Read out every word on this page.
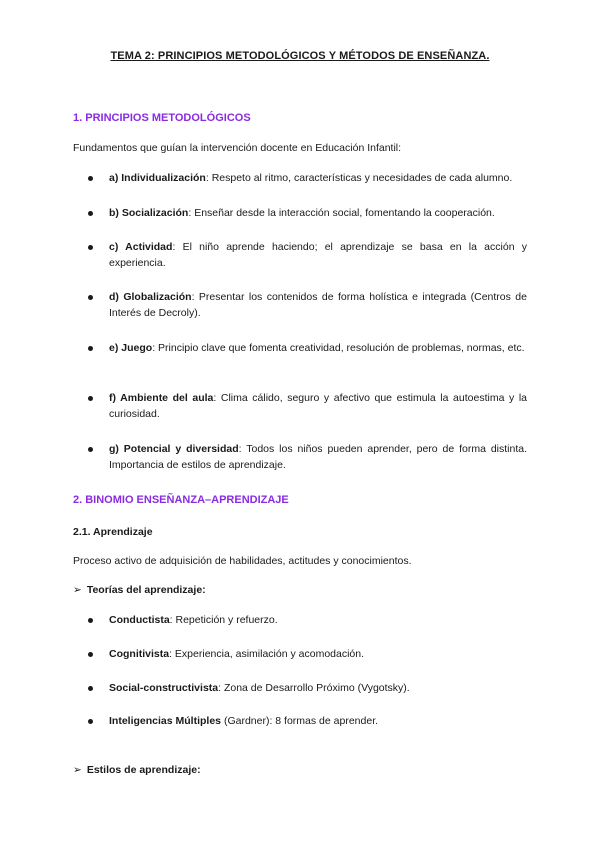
TEMA 2: PRINCIPIOS METODOLÓGICOS Y MÉTODOS DE ENSEÑANZA.
1. PRINCIPIOS METODOLÓGICOS
Fundamentos que guían la intervención docente en Educación Infantil:
a) Individualización: Respeto al ritmo, características y necesidades de cada alumno.
b) Socialización: Enseñar desde la interacción social, fomentando la cooperación.
c) Actividad: El niño aprende haciendo; el aprendizaje se basa en la acción y experiencia.
d) Globalización: Presentar los contenidos de forma holística e integrada (Centros de Interés de Decroly).
e) Juego: Principio clave que fomenta creatividad, resolución de problemas, normas, etc.
f) Ambiente del aula: Clima cálido, seguro y afectivo que estimula la autoestima y la curiosidad.
g) Potencial y diversidad: Todos los niños pueden aprender, pero de forma distinta. Importancia de estilos de aprendizaje.
2. BINOMIO ENSEÑANZA–APRENDIZAJE
2.1. Aprendizaje
Proceso activo de adquisición de habilidades, actitudes y conocimientos.
➢ Teorías del aprendizaje:
Conductista: Repetición y refuerzo.
Cognitivista: Experiencia, asimilación y acomodación.
Social-constructivista: Zona de Desarrollo Próximo (Vygotsky).
Inteligencias Múltiples (Gardner): 8 formas de aprender.
➢ Estilos de aprendizaje:
